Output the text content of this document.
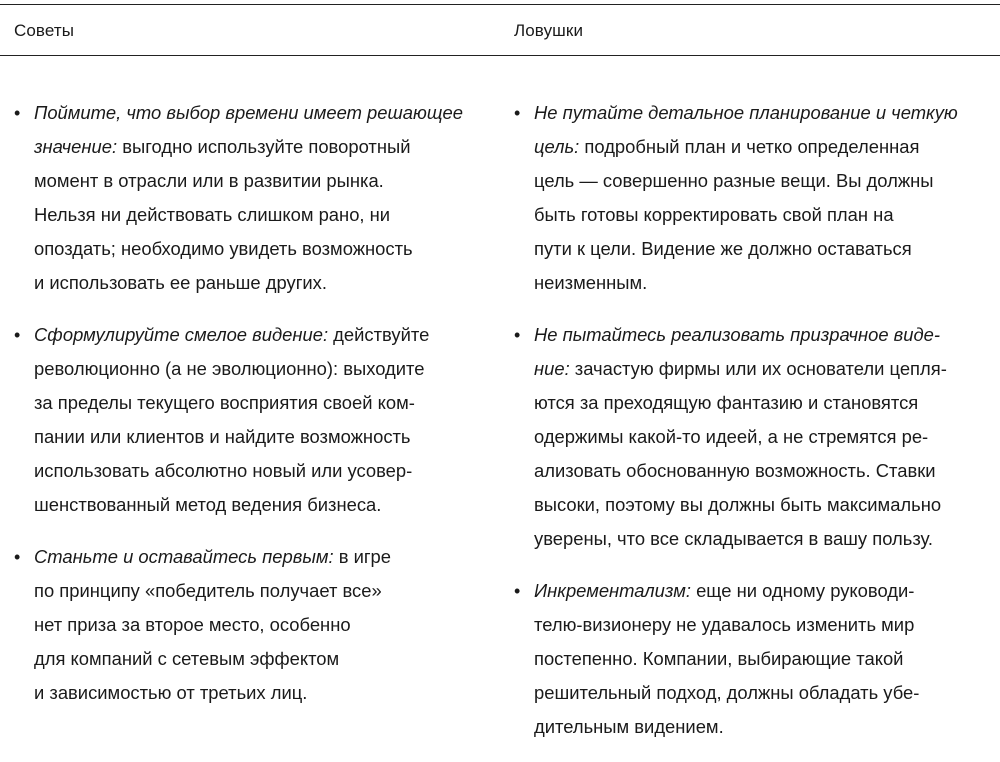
Советы	Ловушки
• Поймите, что выбор времени имеет решающее
значение: выгодно используйте поворотный
момент в отрасли или в развитии рынка.
Нельзя ни действовать слишком рано, ни
опоздать; необходимо увидеть возможность
и использовать ее раньше других.
• Сформулируйте смелое видение: действуйте
революционно (а не эволюционно): выходите
за пределы текущего восприятия своей ком-
пании или клиентов и найдите возможность
использовать абсолютно новый или усовер-
шенствованный метод ведения бизнеса.
• Станьте и оставайтесь первым: в игре
по принципу «победитель получает все»
нет приза за второе место, особенно
для компаний с сетевым эффектом
и зависимостью от третьих лиц.
• Не путайте детальное планирование и четкую
цель: подробный план и четко определенная
цель — совершенно разные вещи. Вы должны
быть готовы корректировать свой план на
пути к цели. Видение же должно оставаться
неизменным.
• Не пытайтесь реализовать призрачное виде-
ние: зачастую фирмы или их основатели цепля-
ются за преходящую фантазию и становятся
одержимы какой-то идеей, а не стремятся ре-
ализовать обоснованную возможность. Ставки
высоки, поэтому вы должны быть максимально
уверены, что все складывается в вашу пользу.
• Инкрементализм: еще ни одному руководи-
телю-визионеру не удавалось изменить мир
постепенно. Компании, выбирающие такой
решительный подход, должны обладать убе-
дительным видением.
